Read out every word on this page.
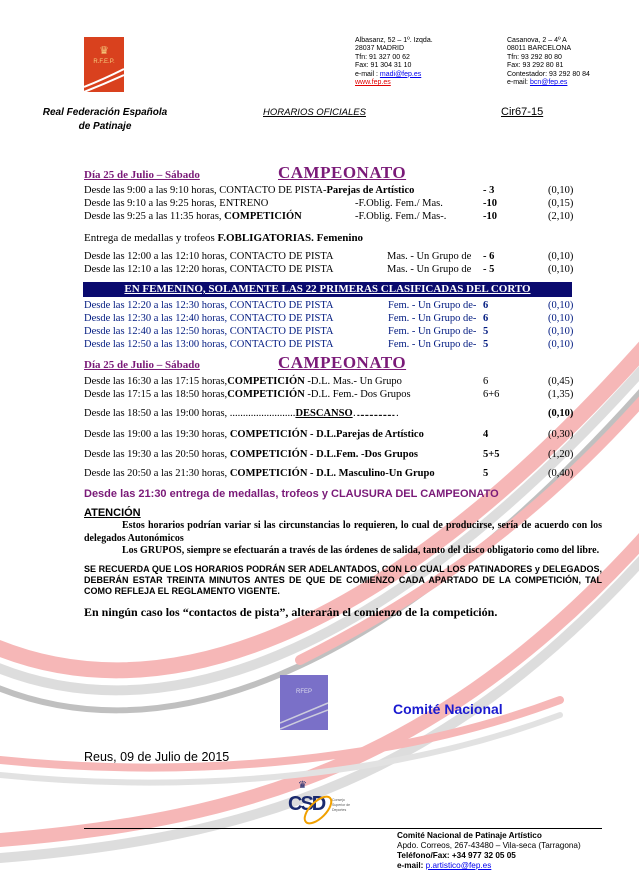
♛
R.F.E.P.
Real Federación Española
de Patinaje
Albasanz, 52 – 1º. Izqda.
28037 MADRID
Tfn: 91 327 00 62
Fax: 91 304 31 10
e-mail : madi@fep.es
www.fep.es
Casanova, 2 – 4º A
08011 BARCELONA
Tfn: 93 292 80 80
Fax: 93 292 80 81
Contestador: 93 292 80 84
e-mail: bcn@fep.es
HORARIOS OFICIALES	Cir67-15
Día 25 de Julio – Sábado	CAMPEONATO
Desde las 9:00 a las 9:10 horas, CONTACTO DE PISTA-Parejas de Artístico	- 3	(0,10)
Desde las 9:10 a las 9:25 horas, ENTRENO	-F.Oblig. Fem./ Mas.	-10	(0,15)
Desde las 9:25 a las 11:35 horas, COMPETICIÓN	-F.Oblig. Fem./ Mas-.	-10	(2,10)
Entrega de medallas y trofeos F.OBLIGATORIAS. Femenino
Desde las 12:00 a las 12:10 horas, CONTACTO DE PISTA	Mas. - Un Grupo de - 6	(0,10)
Desde las 12:10 a las 12:20 horas, CONTACTO DE PISTA	Mas. - Un Grupo de - 5	(0,10)
EN FEMENINO, SOLAMENTE LAS 22 PRIMERAS CLASIFICADAS DEL CORTO
Desde las 12:20 a las 12:30 horas, CONTACTO DE PISTA	Fem. - Un Grupo de- 6	(0,10)
Desde las 12:30 a las 12:40 horas, CONTACTO DE PISTA	Fem. - Un Grupo de- 6	(0,10)
Desde las 12:40 a las 12:50 horas, CONTACTO DE PISTA	Fem. - Un Grupo de- 5	(0,10)
Desde las 12:50 a las 13:00 horas, CONTACTO DE PISTA	Fem. - Un Grupo de- 5	(0,10)
Día 25 de Julio – Sábado	CAMPEONATO
Desde las 16:30 a las 17:15 horas,COMPETICIÓN -D.L. Mas.- Un Grupo	6	(0,45)
Desde las 17:15 a las 18:50 horas,COMPETICIÓN -D.L. Fem.- Dos Grupos	6+6	(1,35)
Desde las 18:50 a las 19:00 horas, .........................DESCANSO………………………	(0,10)
Desde las 19:00 a las 19:30 horas, COMPETICIÓN - D.L.Parejas de Artístico	4	(0,30)
Desde las 19:30 a las 20:50 horas, COMPETICIÓN - D.L.Fem. -Dos Grupos	5+5	(1,20)
Desde las 20:50 a las 21:30 horas, COMPETICIÓN - D.L. Masculino-Un Grupo	5	(0,40)
Desde las 21:30 entrega de medallas, trofeos y CLAUSURA DEL CAMPEONATO
ATENCIÓN
Estos horarios podrían variar si las circunstancias lo requieren, lo cual de producirse, sería de acuerdo con los delegados Autonómicos
Los GRUPOS, siempre se efectuarán a través de las órdenes de salida, tanto del disco obligatorio como del libre.
SE RECUERDA QUE LOS HORARIOS PODRÁN SER ADELANTADOS, CON LO CUAL LOS PATINADORES y DELEGADOS, DEBERÁN ESTAR TREINTA MINUTOS ANTES DE QUE DE COMIENZO CADA APARTADO DE LA COMPETICIÓN, TAL COMO REFLEJA EL REGLAMENTO VIGENTE.
En ningún caso los “contactos de pista”, alterarán el comienzo de la competición.
RFEP
Comité Nacional
Reus, 09 de Julio de 2015
♛
CSD Consejo Superior de Deportes
Comité Nacional de Patinaje Artístico
Apdo. Correos, 267-43480 – Vila-seca (Tarragona)
Teléfono/Fax: +34 977 32 05 05
e-mail: p.artistico@fep.es
